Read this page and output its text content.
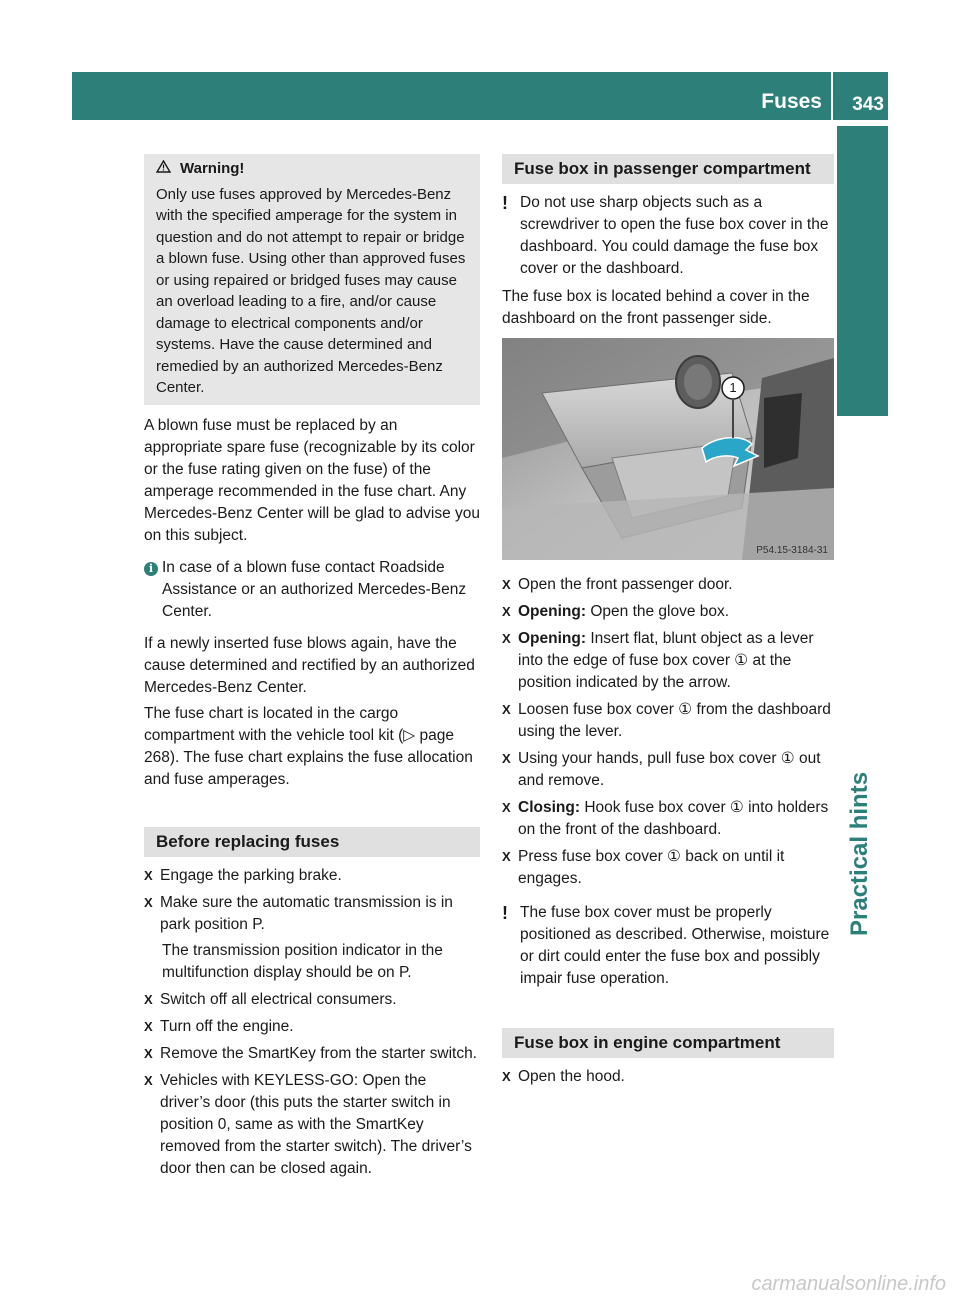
Fuses 343
Practical hints
Warning!

Only use fuses approved by Mercedes-Benz with the specified amperage for the system in question and do not attempt to repair or bridge a blown fuse. Using other than approved fuses or using repaired or bridged fuses may cause an overload leading to a fire, and/or cause damage to electrical components and/or systems. Have the cause determined and remedied by an authorized Mercedes-Benz Center.

A blown fuse must be replaced by an appropriate spare fuse (recognizable by its color or the fuse rating given on the fuse) of the amperage recommended in the fuse chart. Any Mercedes-Benz Center will be glad to advise you on this subject.

i In case of a blown fuse contact Roadside Assistance or an authorized Mercedes-Benz Center.

If a newly inserted fuse blows again, have the cause determined and rectified by an authorized Mercedes-Benz Center.

The fuse chart is located in the cargo compartment with the vehicle tool kit (▷ page 268). The fuse chart explains the fuse allocation and fuse amperages.

Before replacing fuses
X Engage the parking brake.
X Make sure the automatic transmission is in park position P.

The transmission position indicator in the multifunction display should be on P.

X Switch off all electrical consumers.
X Turn off the engine.
X Remove the SmartKey from the starter switch.
X Vehicles with KEYLESS-GO: Open the driver’s door (this puts the starter switch in position 0, same as with the SmartKey removed from the starter switch). The driver’s door then can be closed again.
Fuse box in passenger compartment
! Do not use sharp objects such as a screwdriver to open the fuse box cover in the dashboard. You could damage the fuse box cover or the dashboard.

The fuse box is located behind a cover in the dashboard on the front passenger side.

1
P54.15-3184-31
X Open the front passenger door.
X Opening: Open the glove box.
X Opening: Insert flat, blunt object as a lever into the edge of fuse box cover ① at the position indicated by the arrow.
X Loosen fuse box cover ① from the dashboard using the lever.
X Using your hands, pull fuse box cover ① out and remove.
X Closing: Hook fuse box cover ① into holders on the front of the dashboard.
X Press fuse box cover ① back on until it engages.
! The fuse box cover must be properly positioned as described. Otherwise, moisture or dirt could enter the fuse box and possibly impair fuse operation.
Fuse box in engine compartment
X Open the hood.
carmanualsonline.info
